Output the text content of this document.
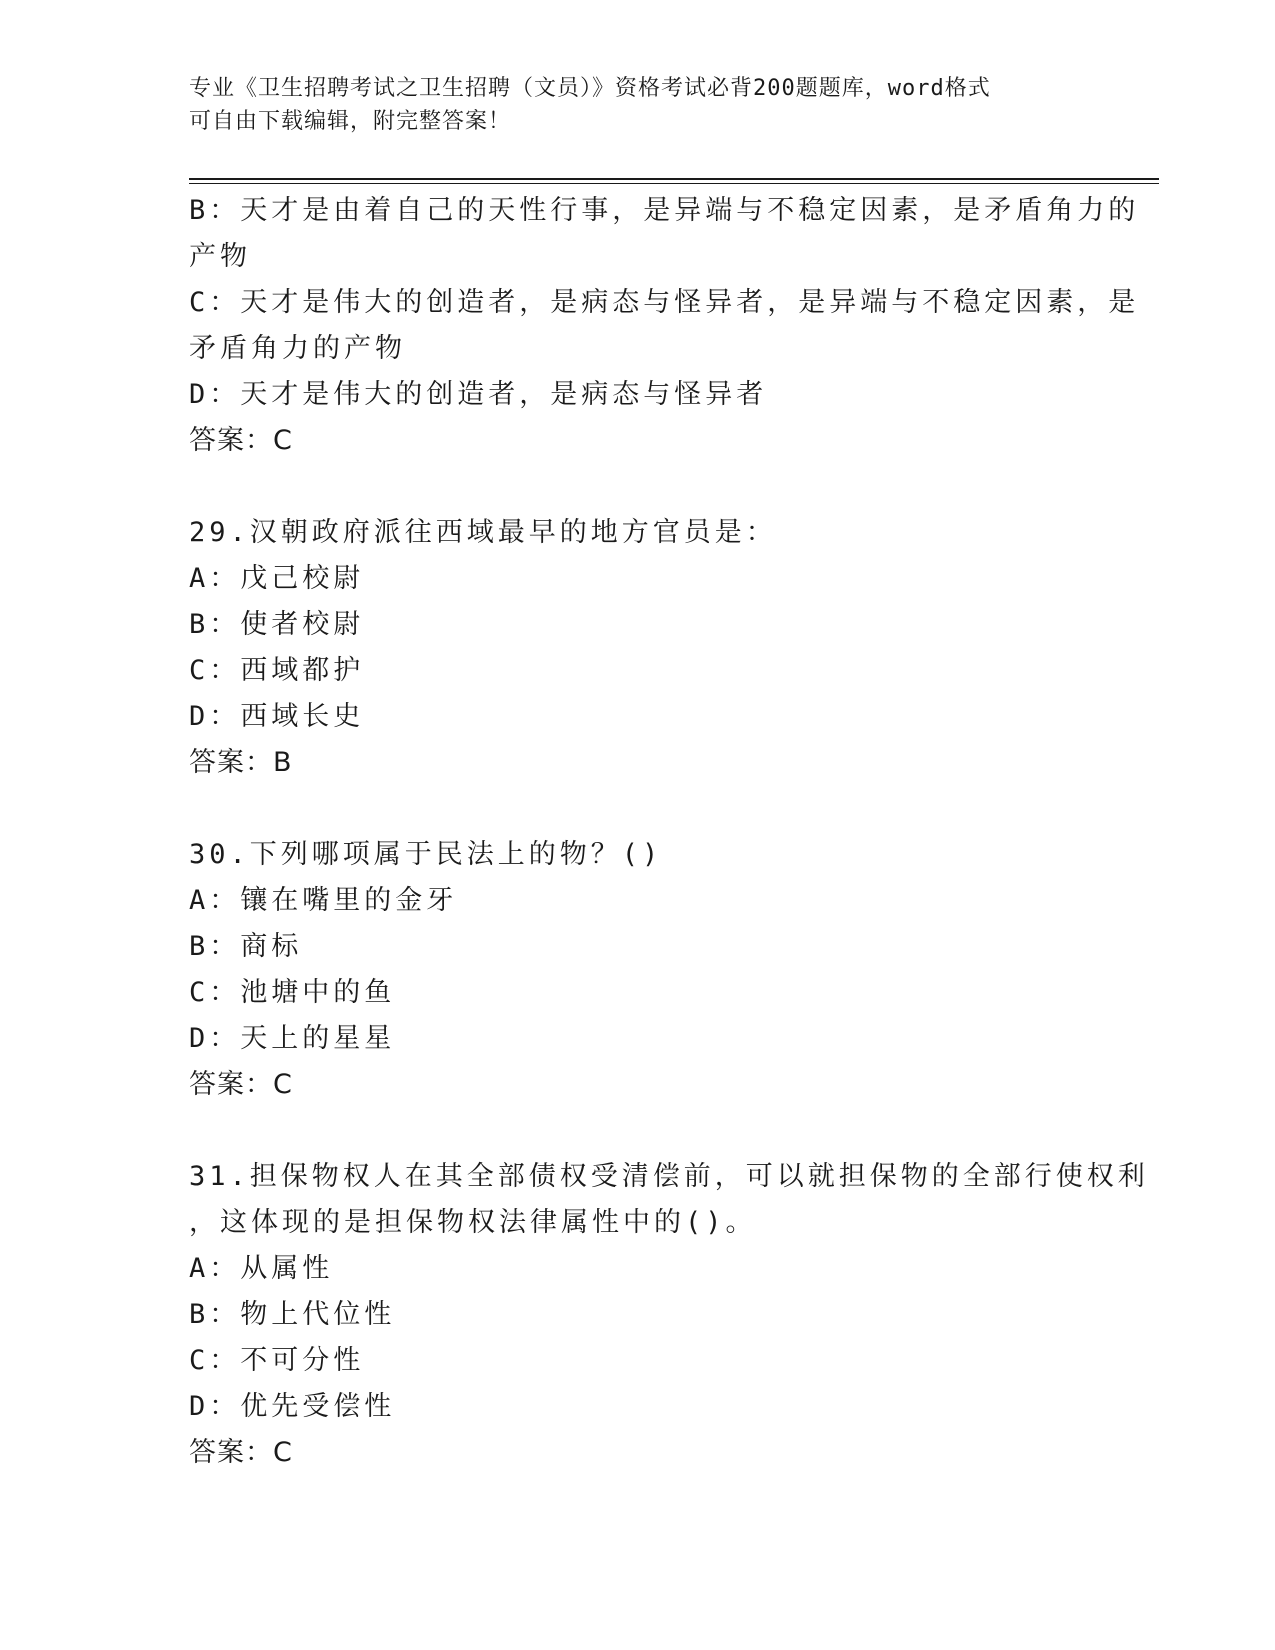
专业《卫生招聘考试之卫生招聘（文员）》资格考试必背200题题库，word格式
可自由下载编辑，附完整答案！
B：天才是由着自己的天性行事，是异端与不稳定因素，是矛盾角力的
产物
C：天才是伟大的创造者，是病态与怪异者，是异端与不稳定因素，是
矛盾角力的产物
D：天才是伟大的创造者，是病态与怪异者
答案：C
29.汉朝政府派往西域最早的地方官员是：
A：戊己校尉
B：使者校尉
C：西域都护
D：西域长史
答案：B
30.下列哪项属于民法上的物？()
A：镶在嘴里的金牙
B：商标
C：池塘中的鱼
D：天上的星星
答案：C
31.担保物权人在其全部债权受清偿前，可以就担保物的全部行使权利
，这体现的是担保物权法律属性中的()。
A：从属性
B：物上代位性
C：不可分性
D：优先受偿性
答案：C
